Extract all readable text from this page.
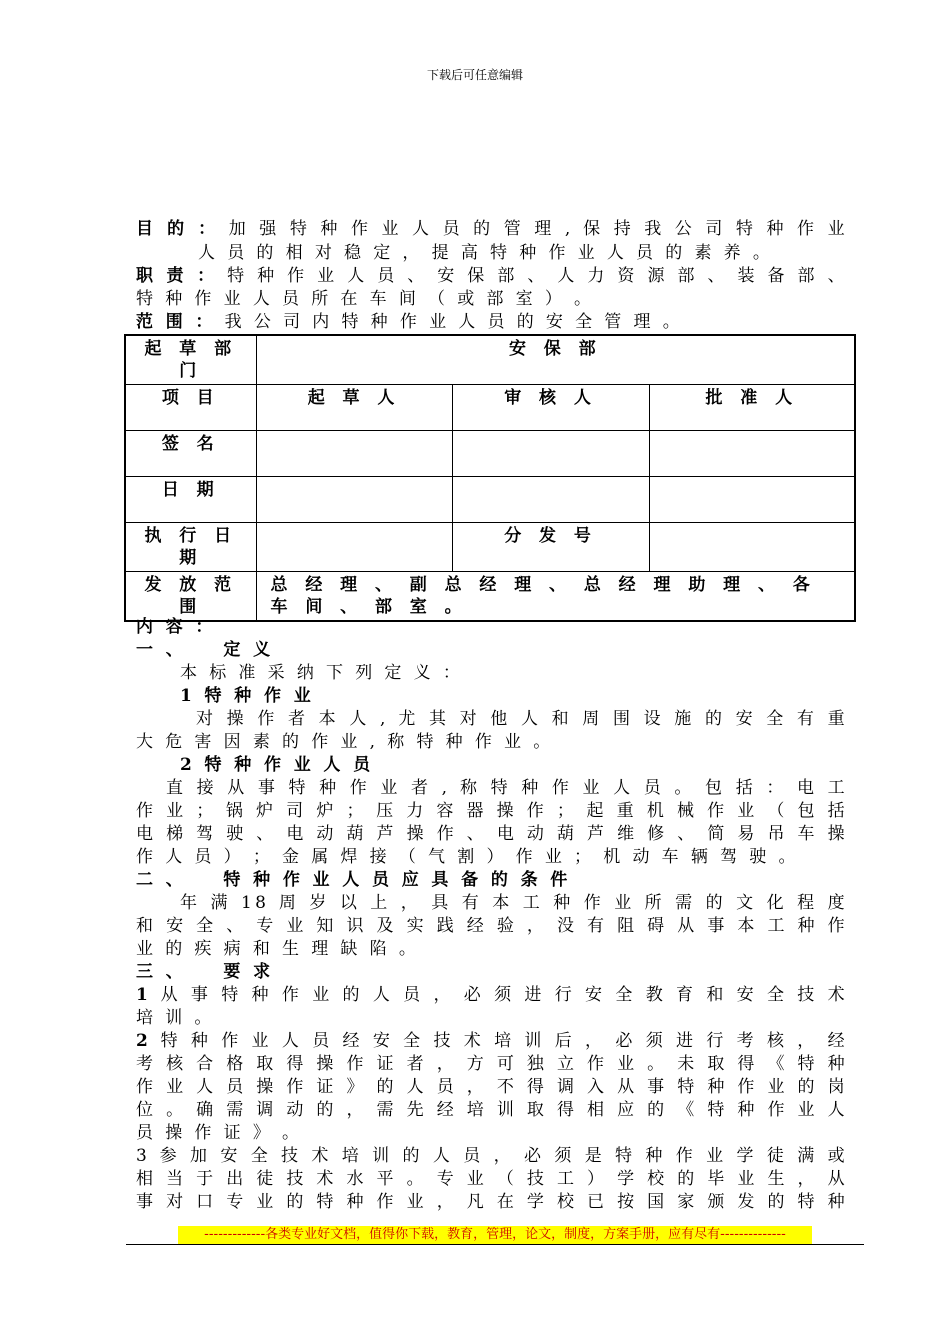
下载后可任意编辑
目 的 ： 加 强 特 种 作 业 人 员 的 管 理 , 保 持 我 公 司 特 种 作 业
人 员 的 相 对 稳 定 ， 提 高 特 种 作 业 人 员 的 素 养 。
职 责 ： 特 种 作 业 人 员 、 安 保 部 、 人 力 资 源 部 、 装 备 部 、
特 种 作 业 人 员 所 在 车 间 （ 或 部 室 ） 。
范 围 ： 我 公 司 内 特 种 作 业 人 员 的 安 全 管 理 。
起 草 部 门	安 保 部		
项 目	起 草 人	审 核 人	批 准 人
签 名			
日 期			
执 行 日 期		分 发 号	
发 放 范 围	总 经 理 、 副 总 经 理 、 总 经 理 助 理 、 各 车 间 、 部 室 。		
内 容 ：
一 、    定 义
本 标 准 采 纳 下 列 定 义 ：
1 特 种 作 业
对 操 作 者 本 人 , 尤 其 对 他 人 和 周 围 设 施 的 安 全 有 重
大 危 害 因 素 的 作 业 , 称 特 种 作 业 。
2 特 种 作 业 人 员
直 接 从 事 特 种 作 业 者 , 称 特 种 作 业 人 员 。 包 括 ： 电 工
作 业 ； 锅 炉 司 炉 ； 压 力 容 器 操 作 ； 起 重 机 械 作 业 （ 包 括
电 梯 驾 驶 、 电 动 葫 芦 操 作 、 电 动 葫 芦 维 修 、 简 易 吊 车 操
作 人 员 ） ； 金 属 焊 接 （ 气 割 ） 作 业 ； 机 动 车 辆 驾 驶 。
二 、    特 种 作 业 人 员 应 具 备 的 条 件
年 满 18 周 岁 以 上 ， 具 有 本 工 种 作 业 所 需 的 文 化 程 度
和 安 全 、 专 业 知 识 及 实 践 经 验 ， 没 有 阻 碍 从 事 本 工 种 作
业 的 疾 病 和 生 理 缺 陷 。
三 、    要 求
1 从 事 特 种 作 业 的 人 员 ， 必 须 进 行 安 全 教 育 和 安 全 技 术
培 训 。
2 特 种 作 业 人 员 经 安 全 技 术 培 训 后 ， 必 须 进 行 考 核 ， 经
考 核 合 格 取 得 操 作 证 者 ， 方 可 独 立 作 业 。 未 取 得 《 特 种
作 业 人 员 操 作 证 》 的 人 员 ， 不 得 调 入 从 事 特 种 作 业 的 岗
位 。 确 需 调 动 的 ， 需 先 经 培 训 取 得 相 应 的 《 特 种 作 业 人
员 操 作 证 》 。
3 参 加 安 全 技 术 培 训 的 人 员 ， 必 须 是 特 种 作 业 学 徒 满 或
相 当 于 出 徒 技 术 水 平 。 专 业 （ 技 工 ） 学 校 的 毕 业 生 ， 从
事 对 口 专 业 的 特 种 作 业 ， 凡 在 学 校 已 按 国 家 颁 发 的 特 种
-------------各类专业好文档，值得你下载，教育，管理，论文，制度，方案手册，应有尽有--------------
